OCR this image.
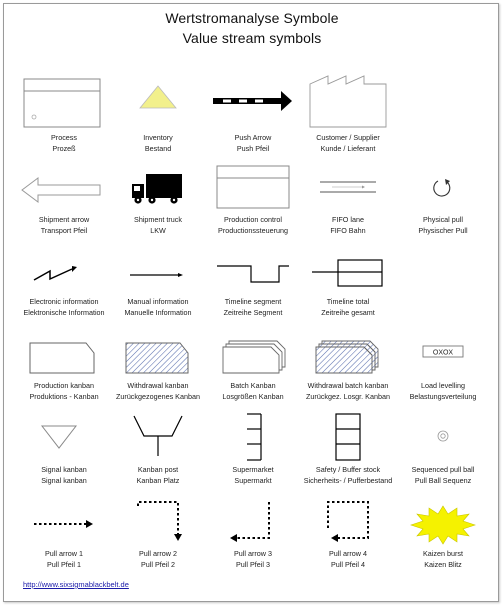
Wertstromanalyse Symbole
Value stream symbols
Process
Prozeß
Inventory
Bestand
Push Arrow
Push Pfeil
Customer / Supplier
Kunde / Lieferant
Shipment arrow
Transport Pfeil
Shipment truck
LKW
Production control
Productionssteuerung
FIFO lane
FIFO Bahn
Physical pull
Physischer Pull
Electronic information
Elektronische Information
Manual information
Manuelle Information
Timeline segment
Zeitreihe Segment
Timeline total
Zeitreihe gesamt
Production kanban
Produktions - Kanban
Withdrawal kanban
Zurückgezogenes Kanban
Batch Kanban
Losgrößen Kanban
Withdrawal batch kanban
Zurückgez. Losgr. Kanban
OXOX
Load levelling
Belastungsverteilung
Signal kanban
Signal kanban
Kanban post
Kanban Platz
Supermarket
Supermarkt
Safety / Buffer stock
Sicherheits- / Pufferbestand
Sequenced pull ball
Pull Ball Sequenz
Pull arrow 1
Pull Pfeil 1
Pull arrow 2
Pull Pfeil 2
Pull arrow 3
Pull Pfeil 3
Pull arrow 4
Pull Pfeil 4
Kaizen burst
Kaizen Blitz
http://www.sixsigmablackbelt.de
